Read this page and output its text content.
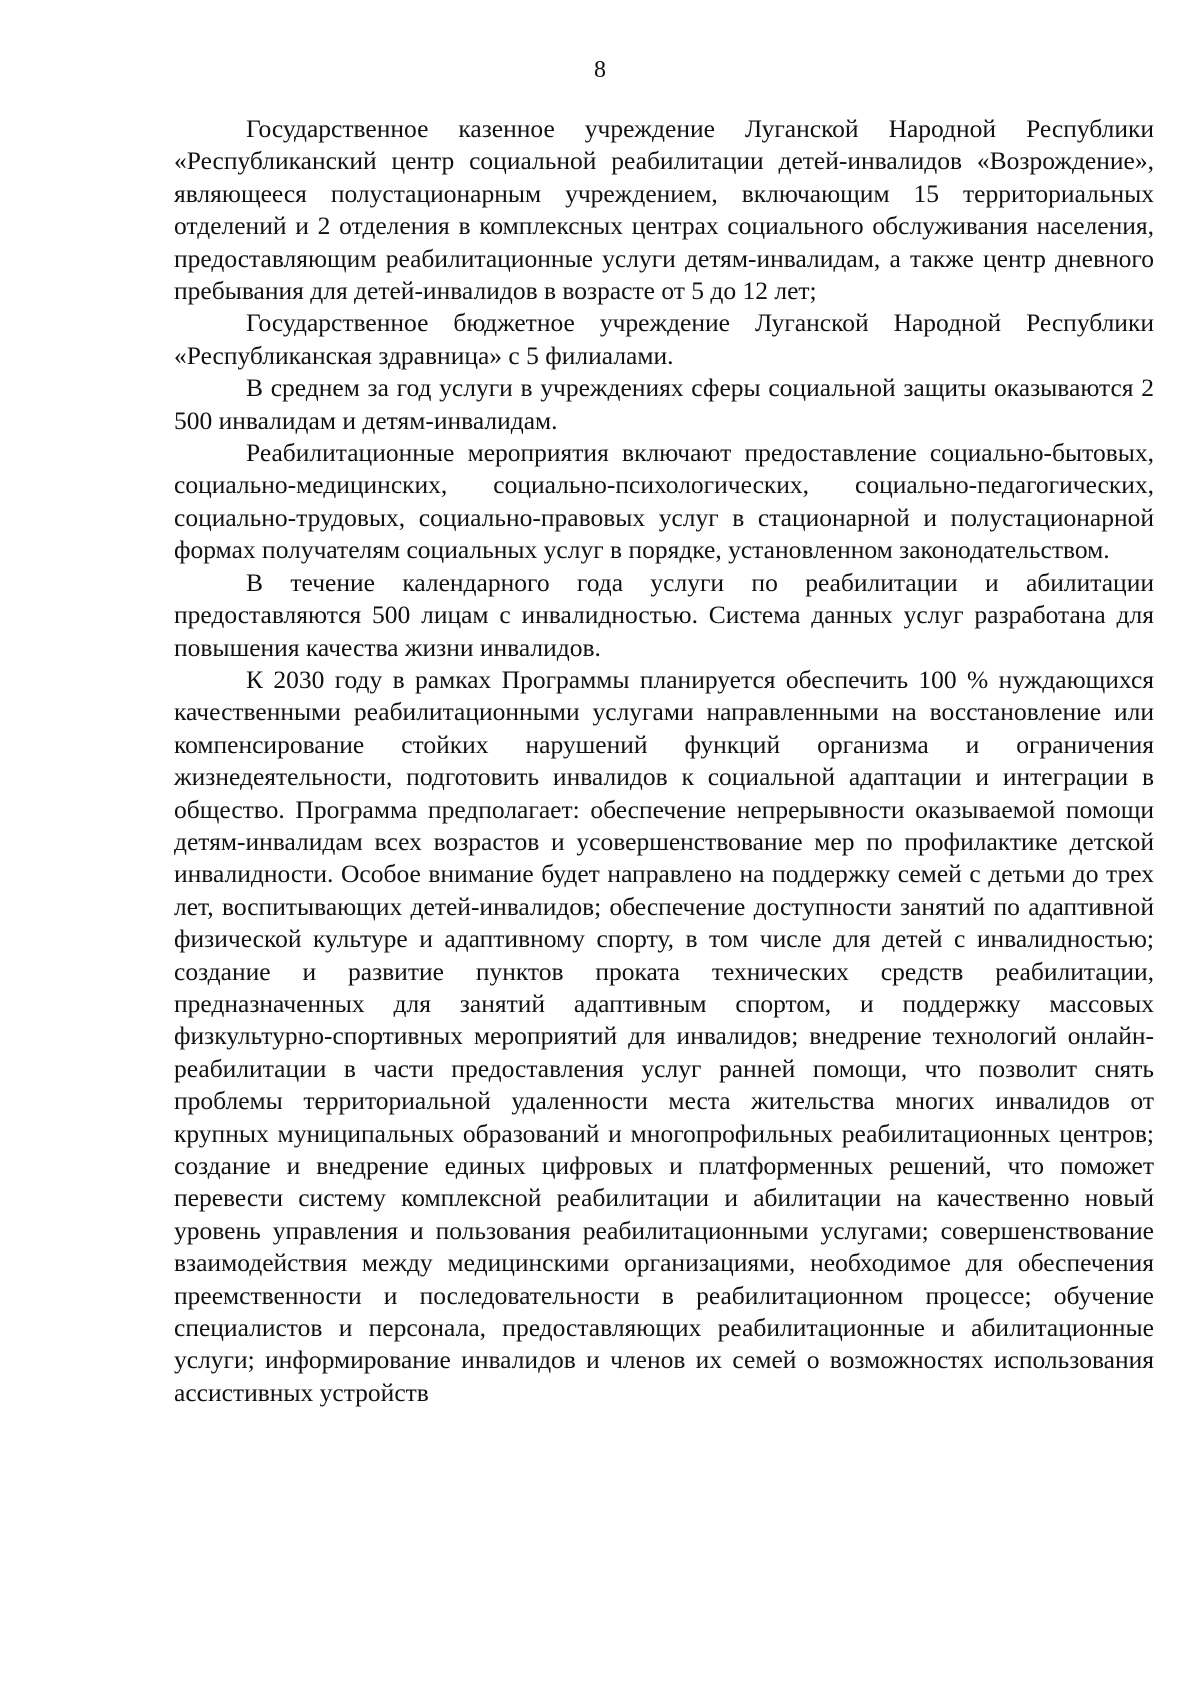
8

Государственное казенное учреждение Луганской Народной Республики «Республиканский центр социальной реабилитации детей-инвалидов «Возрождение», являющееся полустационарным учреждением, включающим 15 территориальных отделений и 2 отделения в комплексных центрах социального обслуживания населения, предоставляющим реабилитационные услуги детям-инвалидам, а также центр дневного пребывания для детей-инвалидов в возрасте от 5 до 12 лет;

Государственное бюджетное учреждение Луганской Народной Республики «Республиканская здравница» с 5 филиалами.

В среднем за год услуги в учреждениях сферы социальной защиты оказываются 2 500 инвалидам и детям-инвалидам.

Реабилитационные мероприятия включают предоставление социально-бытовых, социально-медицинских, социально-психологических, социально-педагогических, социально-трудовых, социально-правовых услуг в стационарной и полустационарной формах получателям социальных услуг в порядке, установленном законодательством.

В течение календарного года услуги по реабилитации и абилитации предоставляются 500 лицам с инвалидностью. Система данных услуг разработана для повышения качества жизни инвалидов.

К 2030 году в рамках Программы планируется обеспечить 100 % нуждающихся качественными реабилитационными услугами направленными на восстановление или компенсирование стойких нарушений функций организма и ограничения жизнедеятельности, подготовить инвалидов к социальной адаптации и интеграции в общество. Программа предполагает: обеспечение непрерывности оказываемой помощи детям-инвалидам всех возрастов и усовершенствование мер по профилактике детской инвалидности. Особое внимание будет направлено на поддержку семей с детьми до трех лет, воспитывающих детей-инвалидов; обеспечение доступности занятий по адаптивной физической культуре и адаптивному спорту, в том числе для детей с инвалидностью; создание и развитие пунктов проката технических средств реабилитации, предназначенных для занятий адаптивным спортом, и поддержку массовых физкультурно-спортивных мероприятий для инвалидов; внедрение технологий онлайн-реабилитации в части предоставления услуг ранней помощи, что позволит снять проблемы территориальной удаленности места жительства многих инвалидов от крупных муниципальных образований и многопрофильных реабилитационных центров; создание и внедрение единых цифровых и платформенных решений, что поможет перевести систему комплексной реабилитации и абилитации на качественно новый уровень управления и пользования реабилитационными услугами; совершенствование взаимодействия между медицинскими организациями, необходимое для обеспечения преемственности и последовательности в реабилитационном процессе; обучение специалистов и персонала, предоставляющих реабилитационные и абилитационные услуги; информирование инвалидов и членов их семей о возможностях использования ассистивных устройств
